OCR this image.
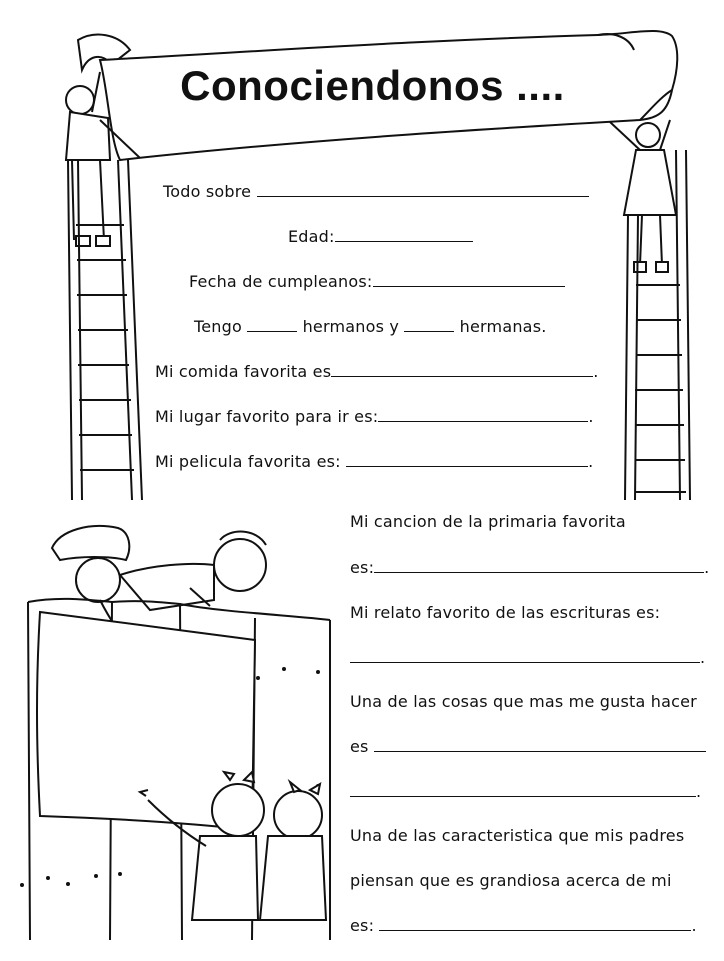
Conociendonos ....
Todo sobre
Edad:
Fecha de cumpleanos:
Tengo	hermanos y	hermanas.
Mi comida favorita es	.
Mi lugar favorito para ir es:	.
Mi pelicula favorita es:	.
Mi cancion de la primaria favorita
es:	.
Mi relato favorito de las escrituras es:
.
Una de las cosas que mas me gusta hacer
es
.
Una de las caracteristica que mis padres
piensan que es grandiosa acerca de mi
es:	.
